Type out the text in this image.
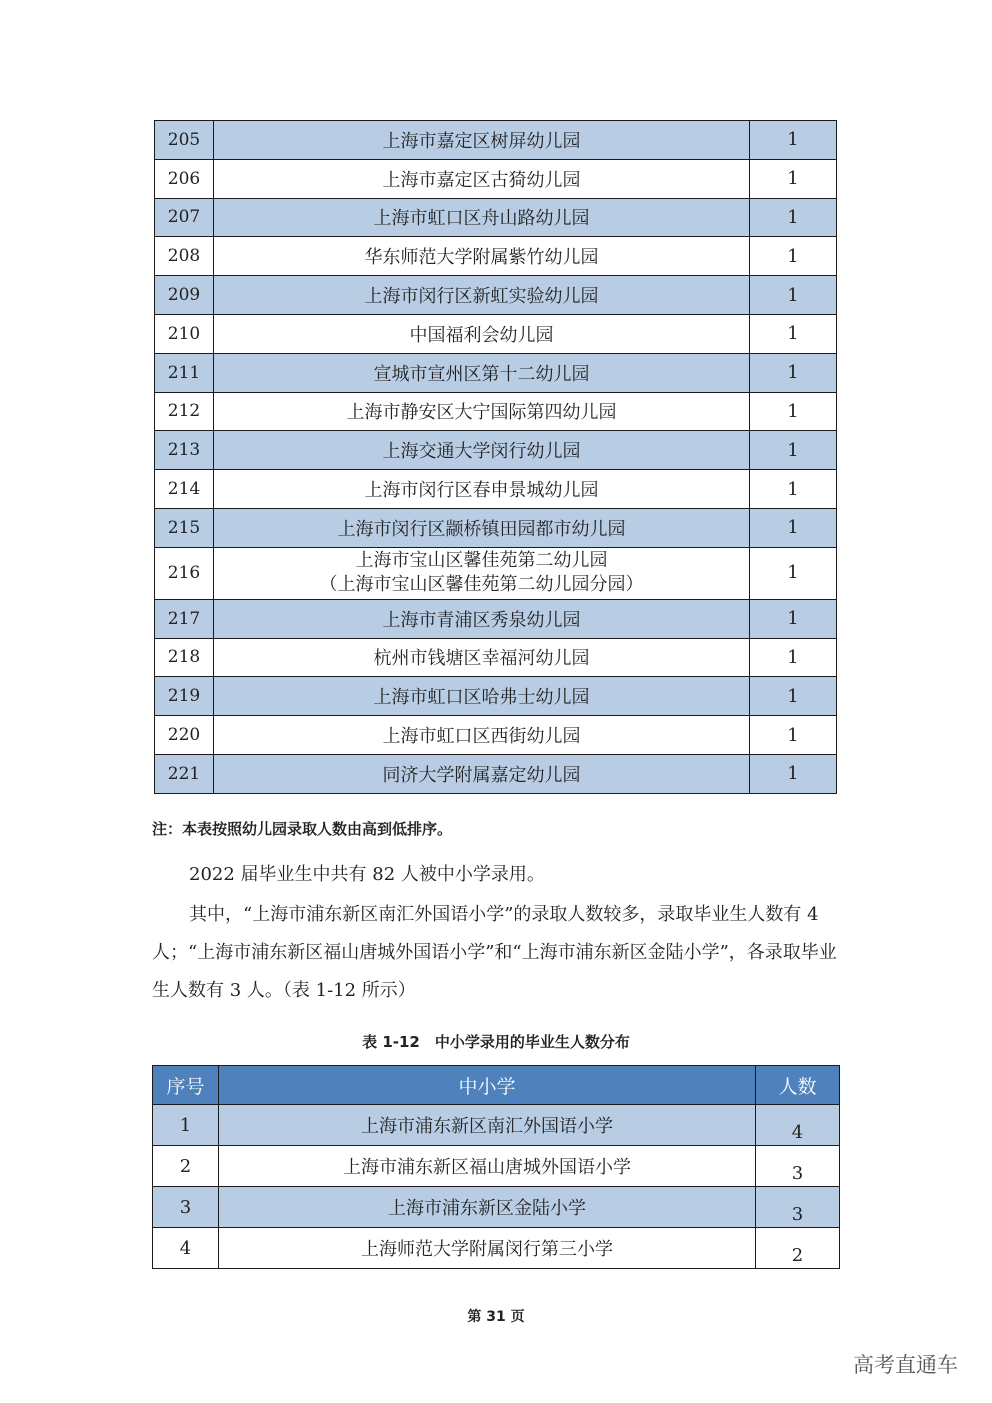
205	上海市嘉定区树屏幼儿园	1
206	上海市嘉定区古猗幼儿园	1
207	上海市虹口区舟山路幼儿园	1
208	华东师范大学附属紫竹幼儿园	1
209	上海市闵行区新虹实验幼儿园	1
210	中国福利会幼儿园	1
211	宣城市宣州区第十二幼儿园	1
212	上海市静安区大宁国际第四幼儿园	1
213	上海交通大学闵行幼儿园	1
214	上海市闵行区春申景城幼儿园	1
215	上海市闵行区颛桥镇田园都市幼儿园	1
216	上海市宝山区馨佳苑第二幼儿园
（上海市宝山区馨佳苑第二幼儿园分园）	1
217	上海市青浦区秀泉幼儿园	1
218	杭州市钱塘区幸福河幼儿园	1
219	上海市虹口区哈弗士幼儿园	1
220	上海市虹口区西街幼儿园	1
221	同济大学附属嘉定幼儿园	1
注：本表按照幼儿园录取人数由高到低排序。
2022 届毕业生中共有 82 人被中小学录用。
其中，“上海市浦东新区南汇外国语小学”的录取人数较多，录取毕业生人数有 4 人；“上海市浦东新区福山唐城外国语小学”和“上海市浦东新区金陆小学”，各录取毕业生人数有 3 人。（表 1-12 所示）
表 1-12　中小学录用的毕业生人数分布
序号	中小学	人数
1	上海市浦东新区南汇外国语小学	4
2	上海市浦东新区福山唐城外国语小学	3
3	上海市浦东新区金陆小学	3
4	上海师范大学附属闵行第三小学	2
第 31 页
高考直通车
